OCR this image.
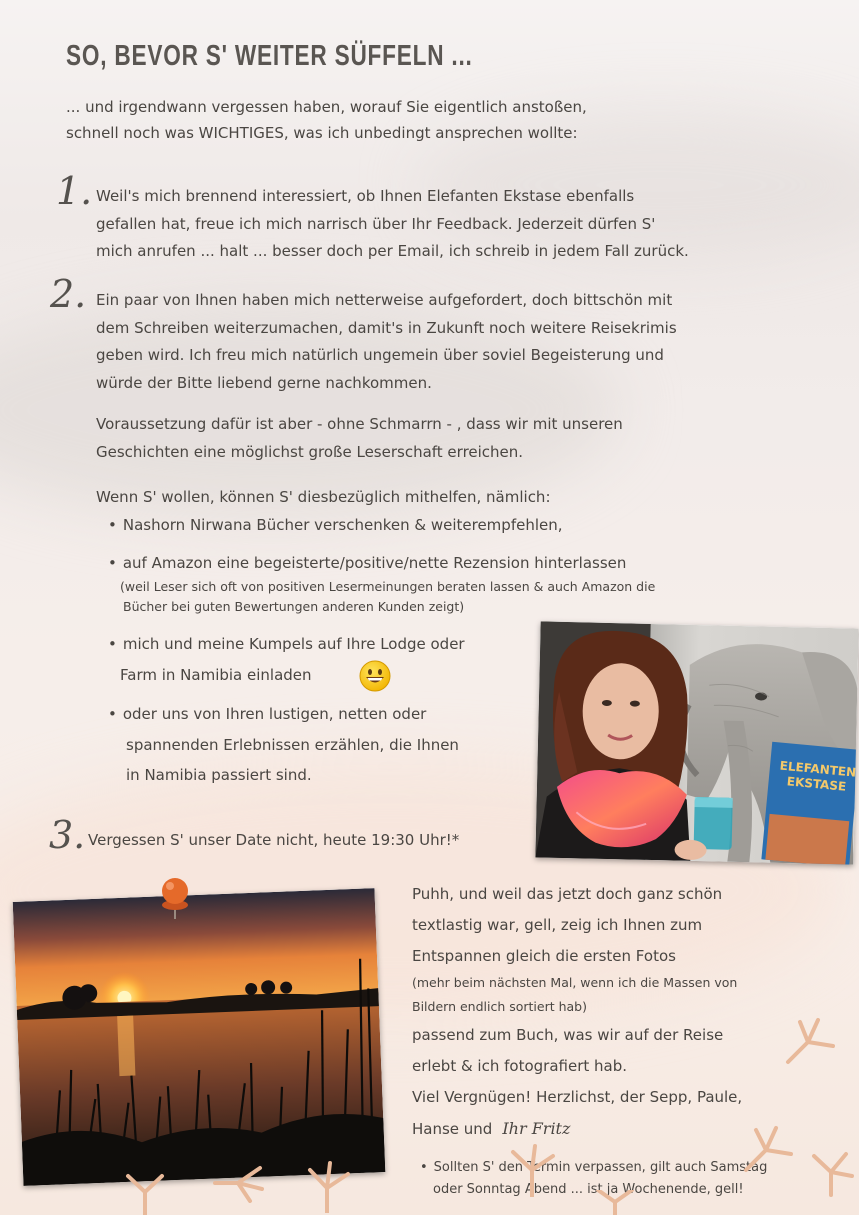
SO, BEVOR S' WEITER SÜFFELN ...
... und irgendwann vergessen haben, worauf Sie eigentlich anstoßen,
schnell noch was WICHTIGES, was ich unbedingt ansprechen wollte:
1. Weil's mich brennend interessiert, ob Ihnen Elefanten Ekstase ebenfalls
gefallen hat, freue ich mich narrisch über Ihr Feedback. Jederzeit dürfen S'
mich anrufen ... halt ... besser doch per Email, ich schreib in jedem Fall zurück.
2. Ein paar von Ihnen haben mich netterweise aufgefordert, doch bittschön mit
dem Schreiben weiterzumachen, damit's in Zukunft noch weitere Reisekrimis
geben wird. Ich freu mich natürlich ungemein über soviel Begeisterung und
würde der Bitte liebend gerne nachkommen.
Voraussetzung dafür ist aber - ohne Schmarrn - , dass wir mit unseren
Geschichten eine möglichst große Leserschaft erreichen.
Wenn S' wollen, können S' diesbezüglich mithelfen, nämlich:
• Nashorn Nirwana Bücher verschenken & weiterempfehlen,
• auf Amazon eine begeisterte/positive/nette Rezension hinterlassen
(weil Leser sich oft von positiven Lesermeinungen beraten lassen & auch Amazon die
Bücher bei guten Bewertungen anderen Kunden zeigt)
• mich und meine Kumpels auf Ihre Lodge oder
Farm in Namibia einladen
• oder uns von Ihren lustigen, netten oder
spannenden Erlebnissen erzählen, die Ihnen
in Namibia passiert sind.	ELEFANTEN
EKSTASE
3. Vergessen S' unser Date nicht, heute 19:30 Uhr!*
Puhh, und weil das jetzt doch ganz schön
textlastig war, gell, zeig ich Ihnen zum
Entspannen gleich die ersten Fotos
(mehr beim nächsten Mal, wenn ich die Massen von
Bildern endlich sortiert hab)
passend zum Buch, was wir auf der Reise
erlebt & ich fotografiert hab.
Viel Vergnügen! Herzlichst, der Sepp, Paule,
Hanse und Ihr Fritz
• Sollten S' den Termin verpassen, gilt auch Samstag
oder Sonntag Abend ... ist ja Wochenende, gell!
